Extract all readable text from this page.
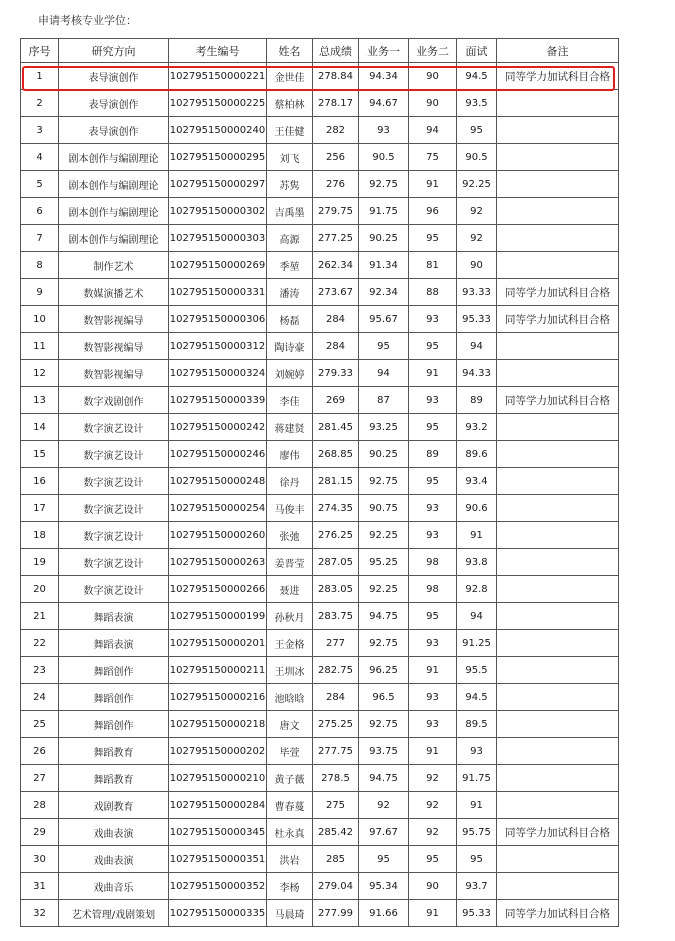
申请考核专业学位：
序号	研究方向	考生编号	姓名	总成绩	业务一	业务二	面试	备注
1	表导演创作	102795150000221	金世佳	278.84	94.34	90	94.5	同等学力加试科目合格
2	表导演创作	102795150000225	蔡柏林	278.17	94.67	90	93.5	
3	表导演创作	102795150000240	王佳健	282	93	94	95	
4	剧本创作与编剧理论	102795150000295	刘飞	256	90.5	75	90.5	
5	剧本创作与编剧理论	102795150000297	苏隽	276	92.75	91	92.25	
6	剧本创作与编剧理论	102795150000302	吉禹墨	279.75	91.75	96	92	
7	剧本创作与编剧理论	102795150000303	高源	277.25	90.25	95	92	
8	制作艺术	102795150000269	季堃	262.34	91.34	81	90	
9	数媒演播艺术	102795150000331	潘涛	273.67	92.34	88	93.33	同等学力加试科目合格
10	数智影视编导	102795150000306	杨磊	284	95.67	93	95.33	同等学力加试科目合格
11	数智影视编导	102795150000312	陶诗豪	284	95	95	94	
12	数智影视编导	102795150000324	刘婉婷	279.33	94	91	94.33	
13	数字戏剧创作	102795150000339	李佳	269	87	93	89	同等学力加试科目合格
14	数字演艺设计	102795150000242	蒋建贤	281.45	93.25	95	93.2	
15	数字演艺设计	102795150000246	廖伟	268.85	90.25	89	89.6	
16	数字演艺设计	102795150000248	徐丹	281.15	92.75	95	93.4	
17	数字演艺设计	102795150000254	马俊丰	274.35	90.75	93	90.6	
18	数字演艺设计	102795150000260	张弛	276.25	92.25	93	91	
19	数字演艺设计	102795150000263	姜晋莹	287.05	95.25	98	93.8	
20	数字演艺设计	102795150000266	聂进	283.05	92.25	98	92.8	
21	舞蹈表演	102795150000199	孙秋月	283.75	94.75	95	94	
22	舞蹈表演	102795150000201	王金格	277	92.75	93	91.25	
23	舞蹈创作	102795150000211	王圳冰	282.75	96.25	91	95.5	
24	舞蹈创作	102795150000216	池晗晗	284	96.5	93	94.5	
25	舞蹈创作	102795150000218	唐文	275.25	92.75	93	89.5	
26	舞蹈教育	102795150000202	毕萱	277.75	93.75	91	93	
27	舞蹈教育	102795150000210	黄子薇	278.5	94.75	92	91.75	
28	戏剧教育	102795150000284	曹春蔓	275	92	92	91	
29	戏曲表演	102795150000345	杜永真	285.42	97.67	92	95.75	同等学力加试科目合格
30	戏曲表演	102795150000351	洪岩	285	95	95	95	
31	戏曲音乐	102795150000352	李杨	279.04	95.34	90	93.7	
32	艺术管理/戏剧策划	102795150000335	马晨琦	277.99	91.66	91	95.33	同等学力加试科目合格
